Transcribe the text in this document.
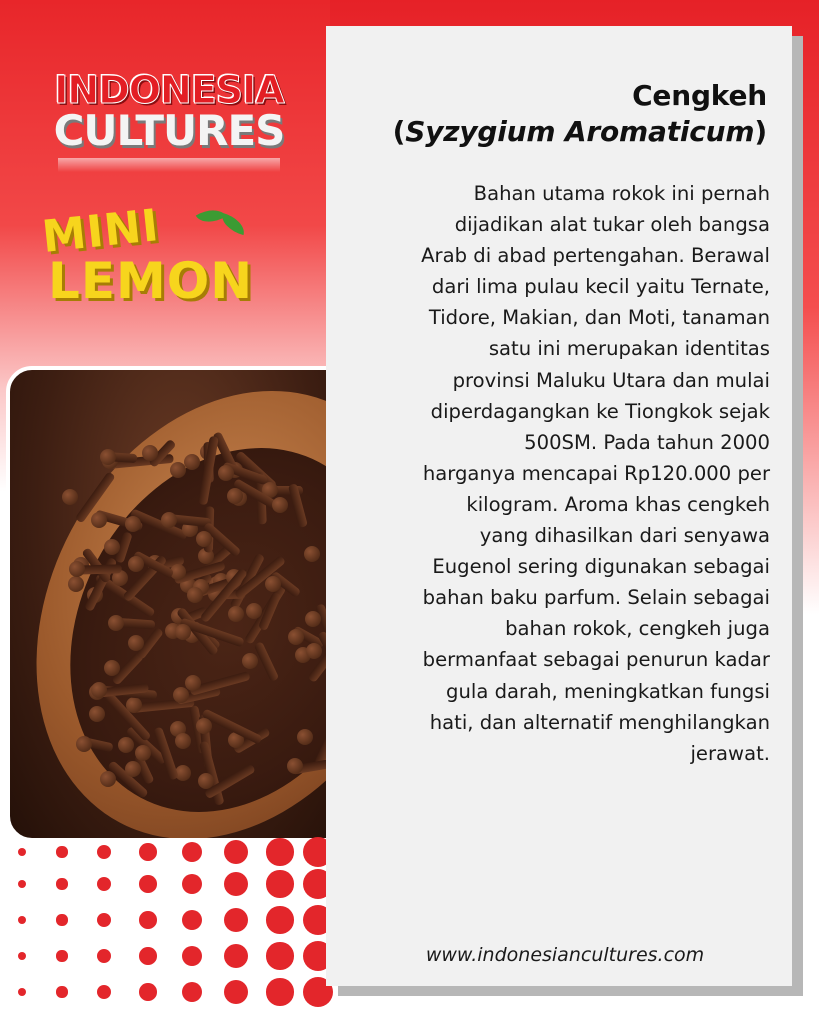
INDONESIA
CULTURES
MINI
LEMON
Cengkeh
(Syzygium Aromaticum)
Bahan utama rokok ini pernah
dijadikan alat tukar oleh bangsa
Arab di abad pertengahan. Berawal
dari lima pulau kecil yaitu Ternate,
Tidore, Makian, dan Moti, tanaman
satu ini merupakan identitas
provinsi Maluku Utara dan mulai
diperdagangkan ke Tiongkok sejak
500SM. Pada tahun 2000
harganya mencapai Rp120.000 per
kilogram. Aroma khas cengkeh
yang dihasilkan dari senyawa
Eugenol sering digunakan sebagai
bahan baku parfum. Selain sebagai
bahan rokok, cengkeh juga
bermanfaat sebagai penurun kadar
gula darah, meningkatkan fungsi
hati, dan alternatif menghilangkan
jerawat.
www.indonesiancultures.com
